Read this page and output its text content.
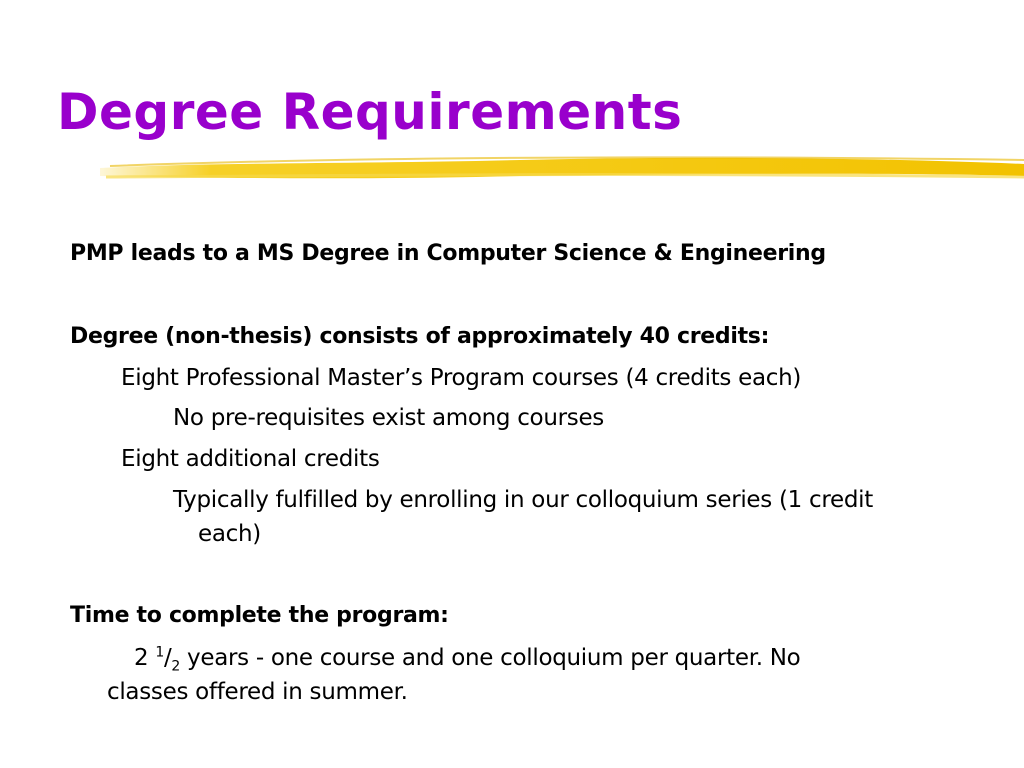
Degree Requirements

PMP leads to a MS Degree in Computer Science & Engineering

Degree (non-thesis) consists of approximately 40 credits:

Eight Professional Master’s Program courses (4 credits each)

No pre-requisites exist among courses

Eight additional credits

Typically fulfilled by enrolling in our colloquium series (1 credit

each)

Time to complete the program:

2 $^1/_2$ years - one course and one colloquium per quarter. No

classes offered in summer.
